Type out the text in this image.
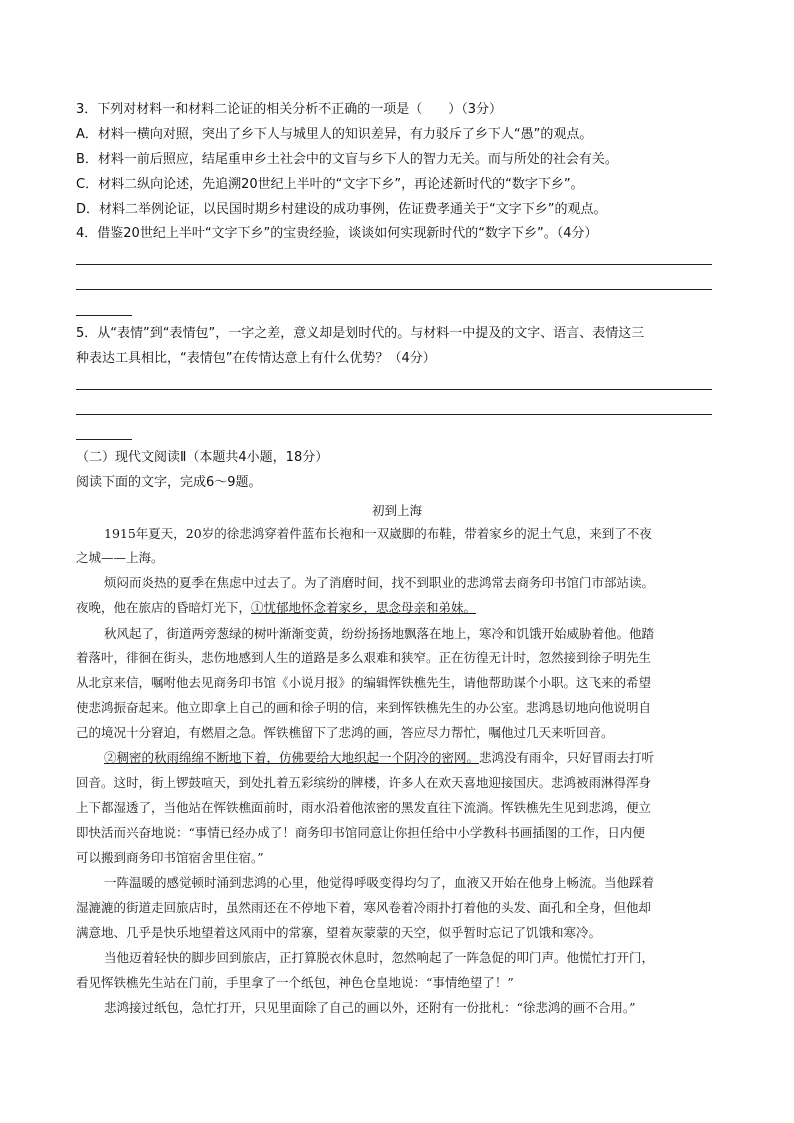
3．下列对材料一和材料二论证的相关分析不正确的一项是（　　）（3分）
A．材料一横向对照，突出了乡下人与城里人的知识差异，有力驳斥了乡下人“愚”的观点。
B．材料一前后照应，结尾重申乡土社会中的文盲与乡下人的智力无关。而与所处的社会有关。
C．材料二纵向论述，先追溯20世纪上半叶的“文字下乡”，再论述新时代的“数字下乡”。
D．材料二举例论证，以民国时期乡村建设的成功事例，佐证费孝通关于“文字下乡”的观点。
4．借鉴20世纪上半叶“文字下乡”的宝贵经验，谈谈如何实现新时代的“数字下乡”。（4分）
5．从“表情”到“表情包”，一字之差，意义却是划时代的。与材料一中提及的文字、语言、表情这三
种表达工具相比，“表情包”在传情达意上有什么优势？（4分）
（二）现代文阅读Ⅱ（本题共4小题，18分）
阅读下面的文字，完成6～9题。
初到上海
1915年夏天，20岁的徐悲鸿穿着件蓝布长袍和一双崴脚的布鞋，带着家乡的泥土气息，来到了不夜
之城——上海。
烦闷而炎热的夏季在焦虑中过去了。为了消磨时间，找不到职业的悲鸿常去商务印书馆门市部站读。
夜晚，他在旅店的昏暗灯光下，①忧郁地怀念着家乡，思念母亲和弟妹。
秋风起了，街道两旁葱绿的树叶渐渐变黄，纷纷扬扬地飘落在地上，寒冷和饥饿开始威胁着他。他踏
着落叶，徘徊在街头，悲伤地感到人生的道路是多么艰难和狭窄。正在彷徨无计时，忽然接到徐子明先生
从北京来信，嘱咐他去见商务印书馆《小说月报》的编辑恽铁樵先生，请他帮助谋个小职。这飞来的希望
使悲鸿振奋起来。他立即拿上自己的画和徐子明的信，来到恽铁樵先生的办公室。悲鸿恳切地向他说明自
己的境况十分窘迫，有燃眉之急。恽铁樵留下了悲鸿的画，答应尽力帮忙，嘱他过几天来听回音。
②稠密的秋雨绵绵不断地下着，仿佛要给大地织起一个阴冷的密网。悲鸿没有雨伞，只好冒雨去打听
回音。这时，街上锣鼓喧天，到处扎着五彩缤纷的牌楼，许多人在欢天喜地迎接国庆。悲鸿被雨淋得浑身
上下都湿透了，当他站在恽铁樵面前时，雨水沿着他浓密的黑发直往下流淌。恽铁樵先生见到悲鸿，便立
即快活而兴奋地说：“事情已经办成了！商务印书馆同意让你担任给中小学教科书画插图的工作，日内便
可以搬到商务印书馆宿舍里住宿。”
一阵温暖的感觉顿时涌到悲鸿的心里，他觉得呼吸变得均匀了，血液又开始在他身上畅流。当他踩着
湿漉漉的街道走回旅店时，虽然雨还在不停地下着，寒风卷着冷雨扑打着他的头发、面孔和全身，但他却
满意地、几乎是快乐地望着这风雨中的常寨，望着灰蒙蒙的天空，似乎暂时忘记了饥饿和寒冷。
当他迈着轻快的脚步回到旅店，正打算脱衣休息时，忽然响起了一阵急促的叩门声。他慌忙打开门，
看见恽铁樵先生站在门前，手里拿了一个纸包，神色仓皇地说：“事情绝望了！”
悲鸿接过纸包，急忙打开，只见里面除了自己的画以外，还附有一份批札：“徐悲鸿的画不合用。”
